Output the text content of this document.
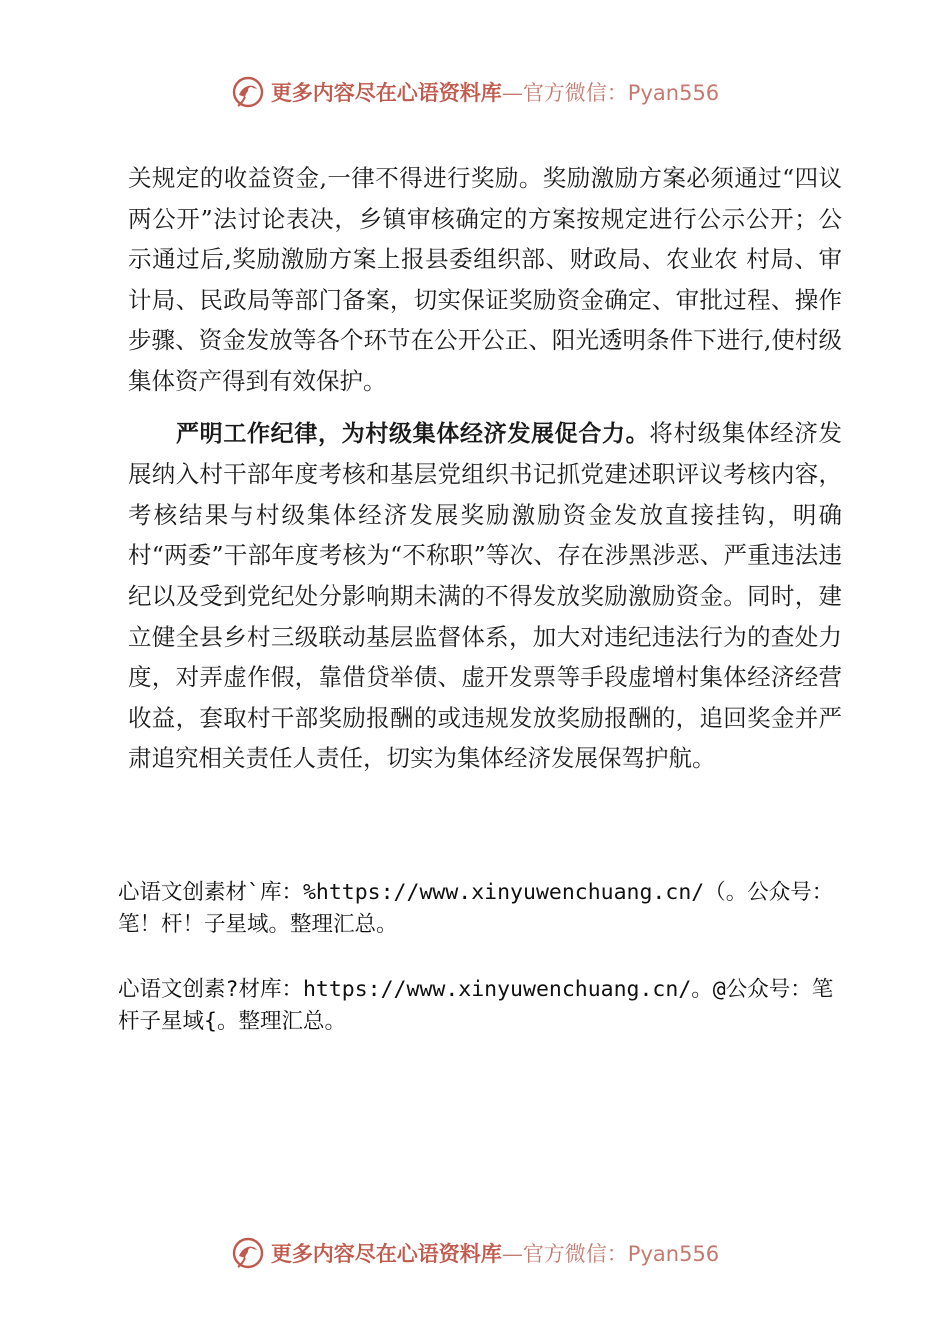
更多内容尽在心语资料库—官方微信：Pyan556

关规定的收益资金,一律不得进行奖励。奖励激励方案必须通过“四议两公开”法讨论表决，乡镇审核确定的方案按规定进行公示公开；公示通过后,奖励激励方案上报县委组织部、财政局、农业农 村局、审计局、民政局等部门备案，切实保证奖励资金确定、审批过程、操作步骤、资金发放等各个环节在公开公正、阳光透明条件下进行,使村级集体资产得到有效保护。

严明工作纪律，为村级集体经济发展促合力。将村级集体经济发展纳入村干部年度考核和基层党组织书记抓党建述职评议考核内容，考核结果与村级集体经济发展奖励激励资金发放直接挂钩，明确村“两委”干部年度考核为“不称职”等次、存在涉黑涉恶、严重违法违纪以及受到党纪处分影响期未满的不得发放奖励激励资金。同时，建立健全县乡村三级联动基层监督体系，加大对违纪违法行为的查处力度，对弄虚作假，靠借贷举债、虚开发票等手段虚增村集体经济经营收益，套取村干部奖励报酬的或违规发放奖励报酬的，追回奖金并严肃追究相关责任人责任，切实为集体经济发展保驾护航。

心语文创素材`库：%https://www.xinyuwenchuang.cn/（。公众号：笔！杆！子星域。整理汇总。
心语文创素?材库：https://www.xinyuwenchuang.cn/。@公众号：笔杆子星域{。整理汇总。
更多内容尽在心语资料库—官方微信：Pyan556
